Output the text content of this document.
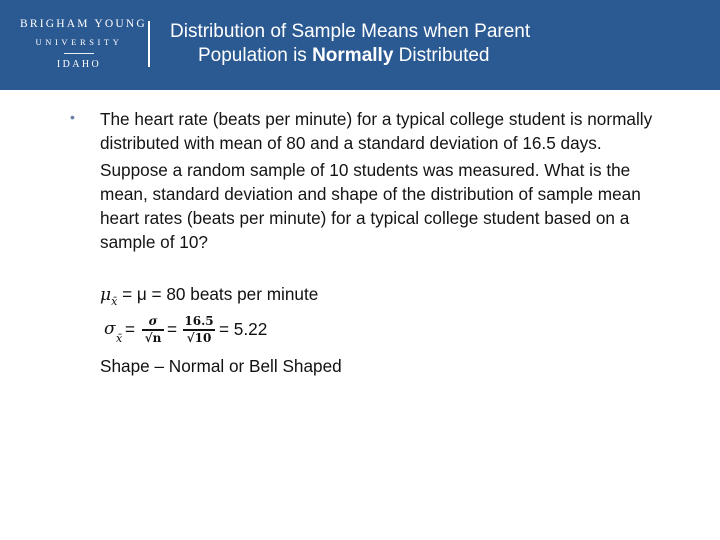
BRIGHAM YOUNG
UNIVERSITY
IDAHO
Distribution of Sample Means when Parent
Population is Normally Distributed
• The heart rate (beats per minute) for a typical college student is normally distributed with mean of 80 and a standard deviation of 16.5 days.

Suppose a random sample of 10 students was measured. What is the mean, standard deviation and shape of the distribution of sample mean heart rates (beats per minute) for a typical college student based on a sample of 10?

$\mu_{x̄} = \mu = 80$ beats per minute
σ x̄ =	σ
√n = 16.5
√10 = 5.22
Shape – Normal or Bell Shaped
